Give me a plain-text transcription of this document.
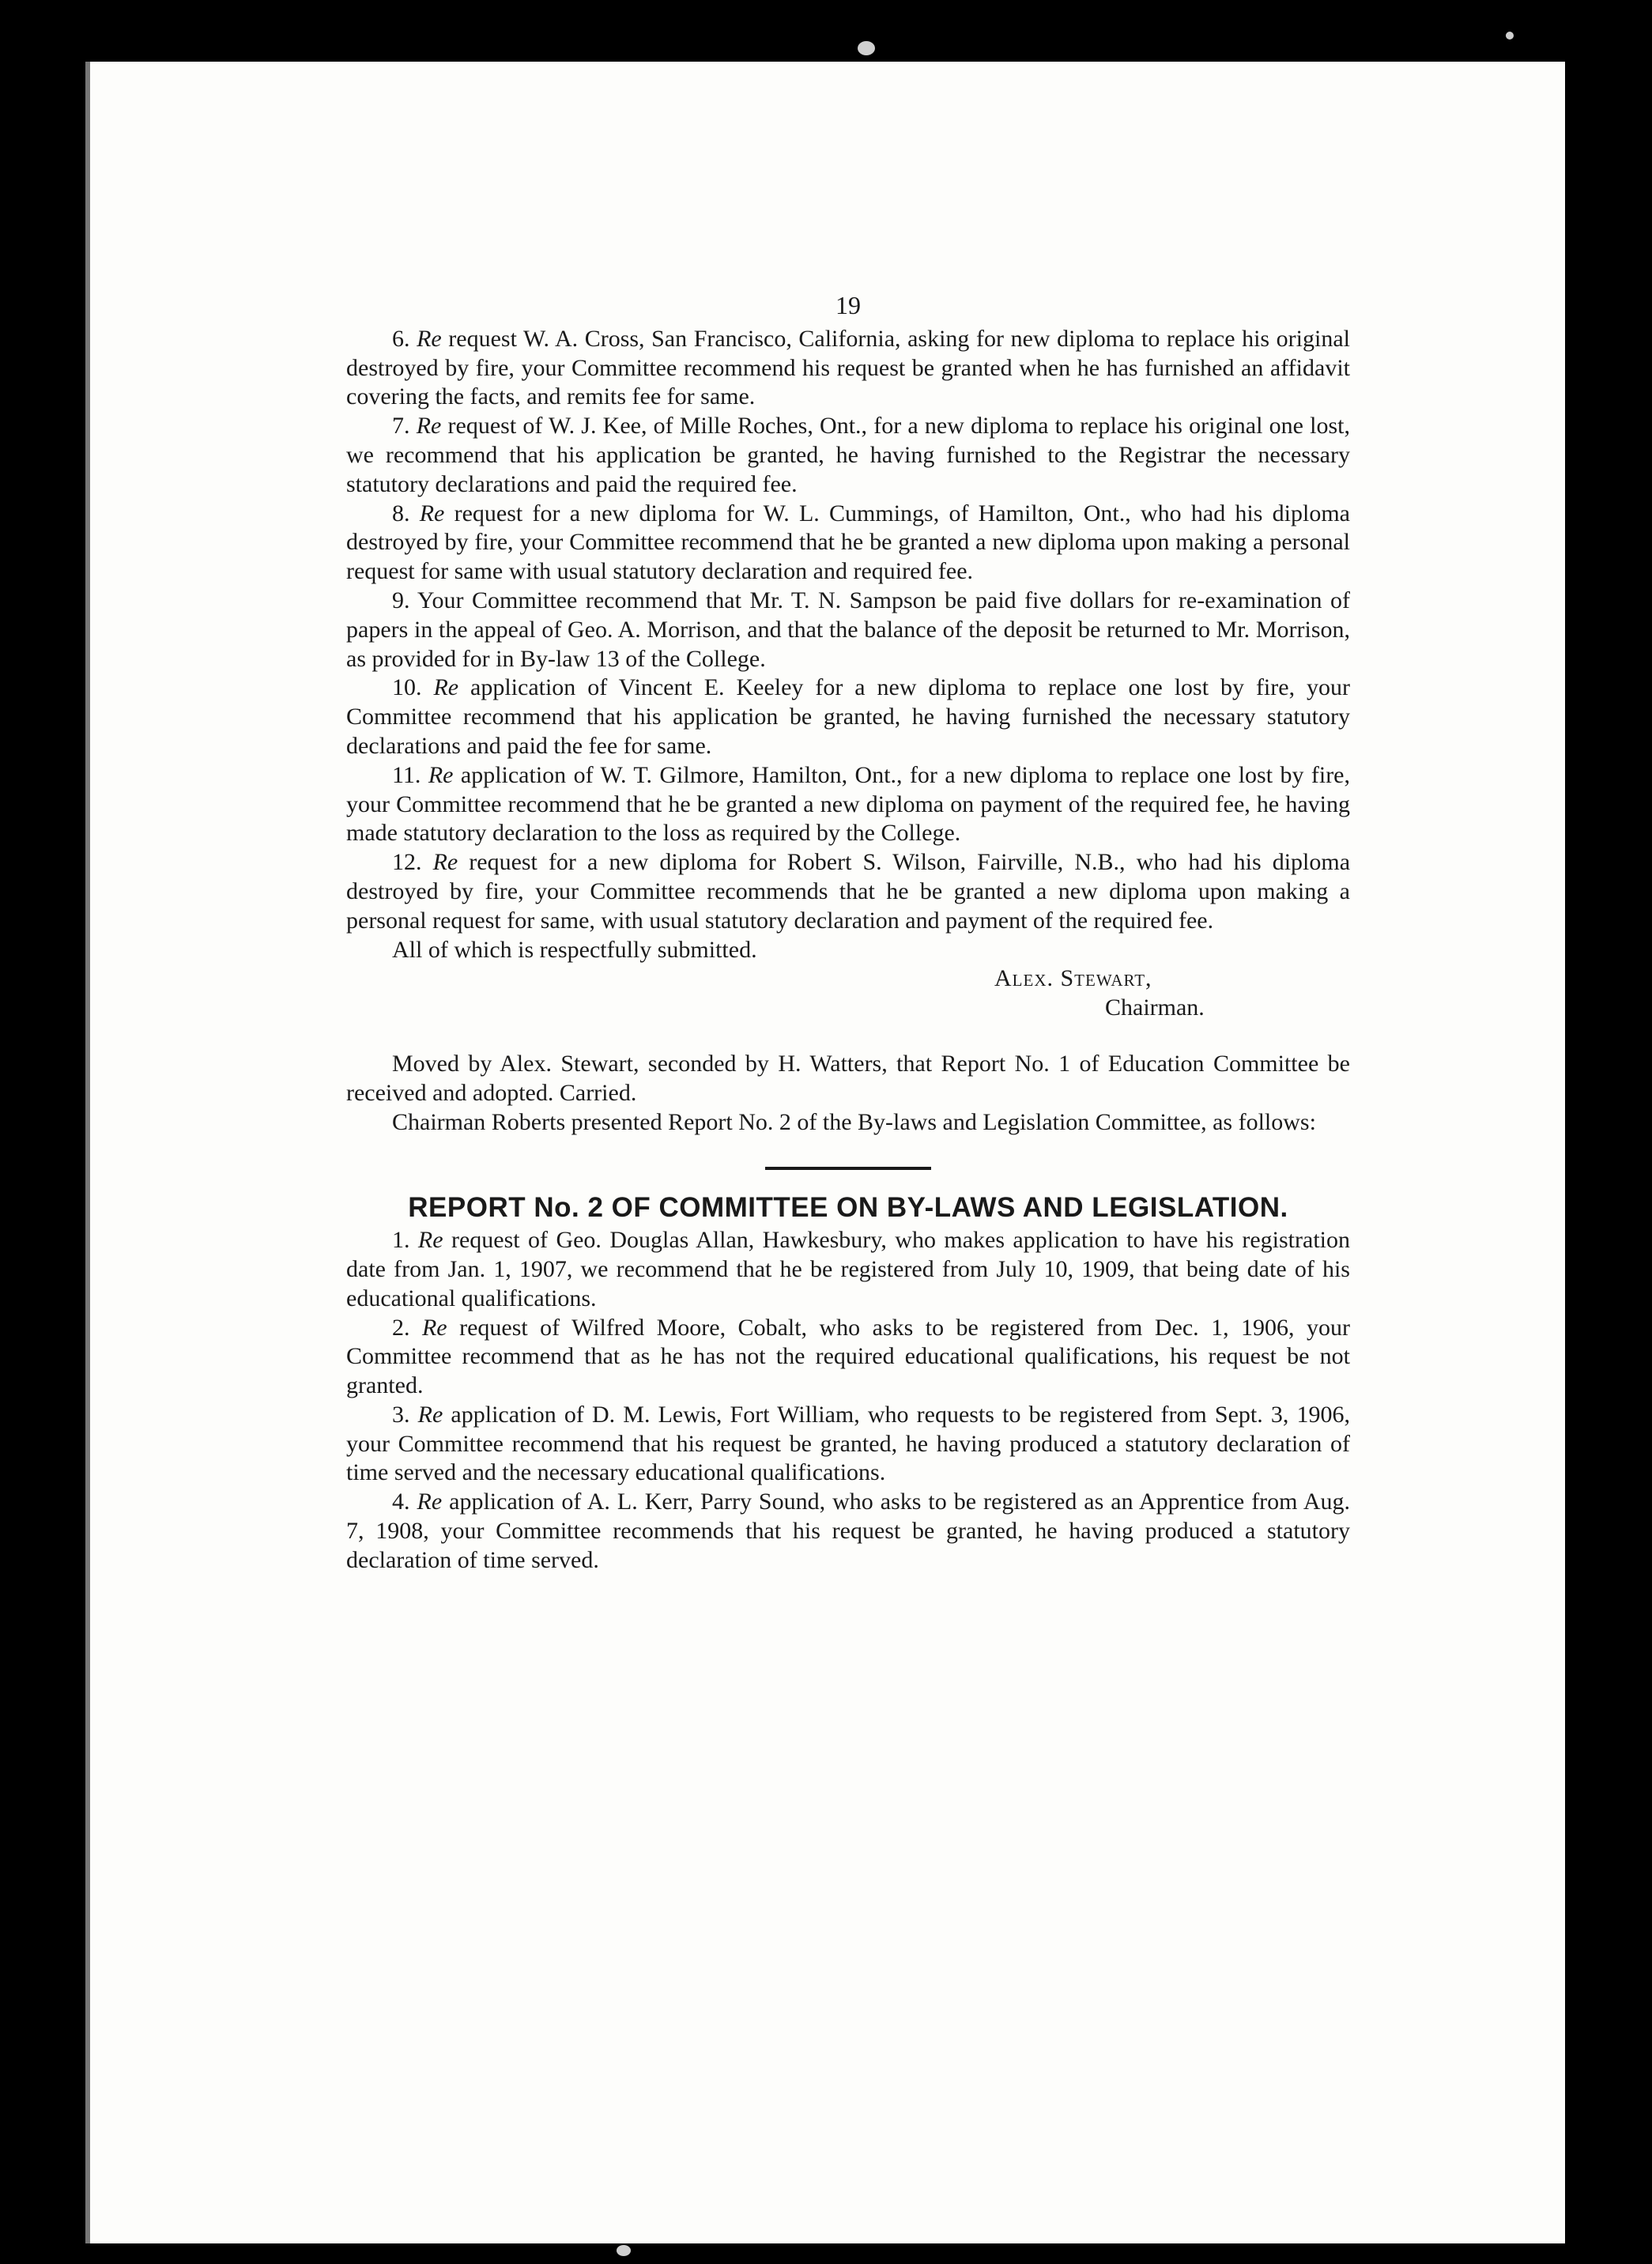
19

6. Re request W. A. Cross, San Francisco, California, asking for new diploma to replace his original destroyed by fire, your Committee recommend his request be granted when he has furnished an affidavit covering the facts, and remits fee for same.

7. Re request of W. J. Kee, of Mille Roches, Ont., for a new diploma to replace his original one lost, we recommend that his application be granted, he having furnished to the Registrar the necessary statutory declarations and paid the required fee.

8. Re request for a new diploma for W. L. Cummings, of Hamilton, Ont., who had his diploma destroyed by fire, your Committee recommend that he be granted a new diploma upon making a personal request for same with usual statutory declaration and required fee.

9. Your Committee recommend that Mr. T. N. Sampson be paid five dollars for re-examination of papers in the appeal of Geo. A. Morrison, and that the balance of the deposit be returned to Mr. Morrison, as provided for in By-law 13 of the College.

10. Re application of Vincent E. Keeley for a new diploma to replace one lost by fire, your Committee recommend that his application be granted, he having furnished the necessary statutory declarations and paid the fee for same.

11. Re application of W. T. Gilmore, Hamilton, Ont., for a new diploma to replace one lost by fire, your Committee recommend that he be granted a new diploma on payment of the required fee, he having made statutory declaration to the loss as required by the College.

12. Re request for a new diploma for Robert S. Wilson, Fairville, N.B., who had his diploma destroyed by fire, your Committee recommends that he be granted a new diploma upon making a personal request for same, with usual statutory declaration and payment of the required fee.

All of which is respectfully submitted.

Alex. Stewart,
Chairman.

Moved by Alex. Stewart, seconded by H. Watters, that Report No. 1 of Education Committee be received and adopted. Carried.

Chairman Roberts presented Report No. 2 of the By-laws and Legislation Committee, as follows:

REPORT No. 2 OF COMMITTEE ON BY-LAWS AND LEGISLATION.

1. Re request of Geo. Douglas Allan, Hawkesbury, who makes application to have his registration date from Jan. 1, 1907, we recommend that he be registered from July 10, 1909, that being date of his educational qualifications.

2. Re request of Wilfred Moore, Cobalt, who asks to be registered from Dec. 1, 1906, your Committee recommend that as he has not the required educational qualifications, his request be not granted.

3. Re application of D. M. Lewis, Fort William, who requests to be registered from Sept. 3, 1906, your Committee recommend that his request be granted, he having produced a statutory declaration of time served and the necessary educational qualifications.

4. Re application of A. L. Kerr, Parry Sound, who asks to be registered as an Apprentice from Aug. 7, 1908, your Committee recommends that his request be granted, he having produced a statutory declaration of time served.
